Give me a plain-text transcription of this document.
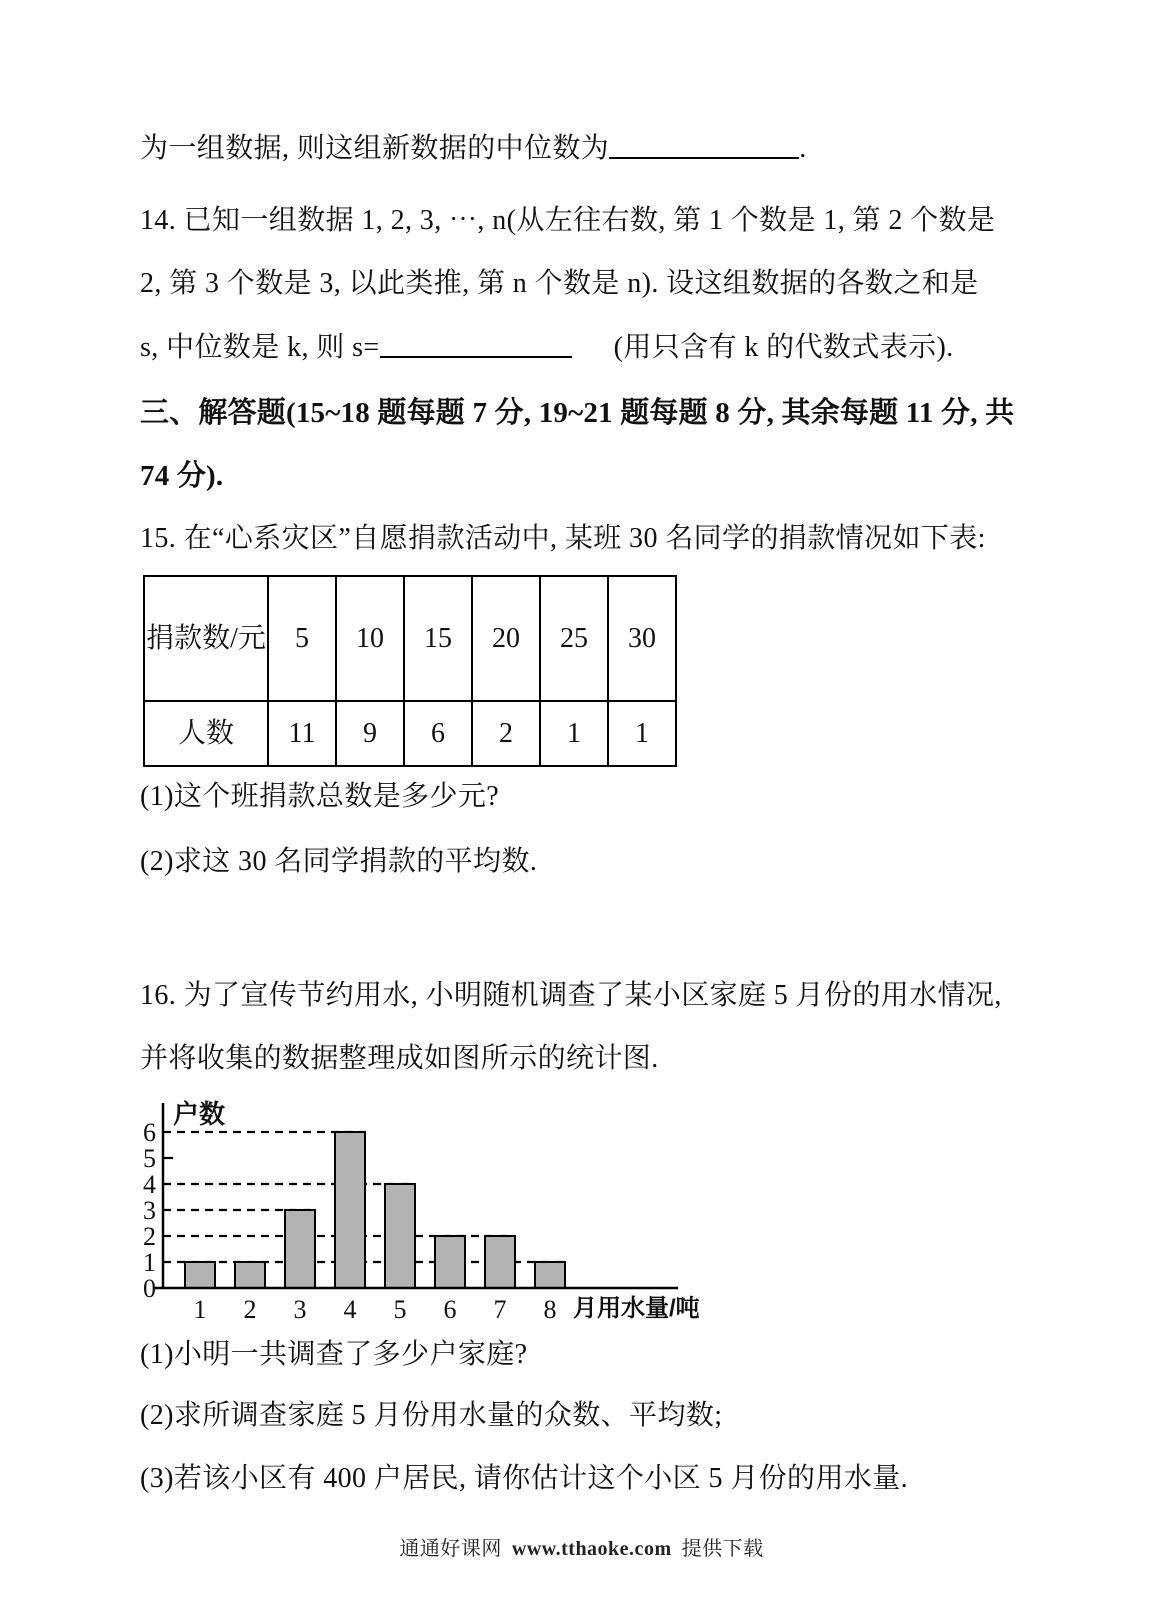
为一组数据, 则这组新数据的中位数为	.
14. 已知一组数据 1, 2, 3, ⋯, n(从左往右数, 第 1 个数是 1, 第 2 个数是
2, 第 3 个数是 3, 以此类推, 第 n 个数是 n). 设这组数据的各数之和是
s, 中位数是 k, 则 s=	(用只含有 k 的代数式表示).
三、解答题(15~18 题每题 7 分, 19~21 题每题 8 分, 其余每题 11 分, 共
74 分).
15. 在“心系灾区”自愿捐款活动中, 某班 30 名同学的捐款情况如下表:
捐款数/元	5	10	15	20	25	30
人数	11	9	6	2	1	1
(1)这个班捐款总数是多少元?
(2)求这 30 名同学捐款的平均数.
16. 为了宣传节约用水, 小明随机调查了某小区家庭 5 月份的用水情况,
并将收集的数据整理成如图所示的统计图.
0
1
2
3
4
5
6
1 2 3 4 5 6 7 8 月用水量/吨
户数
(1)小明一共调查了多少户家庭?
(2)求所调查家庭 5 月份用水量的众数、平均数;
(3)若该小区有 400 户居民, 请你估计这个小区 5 月份的用水量.
通通好课网 www.tthaoke.com 提供下载
